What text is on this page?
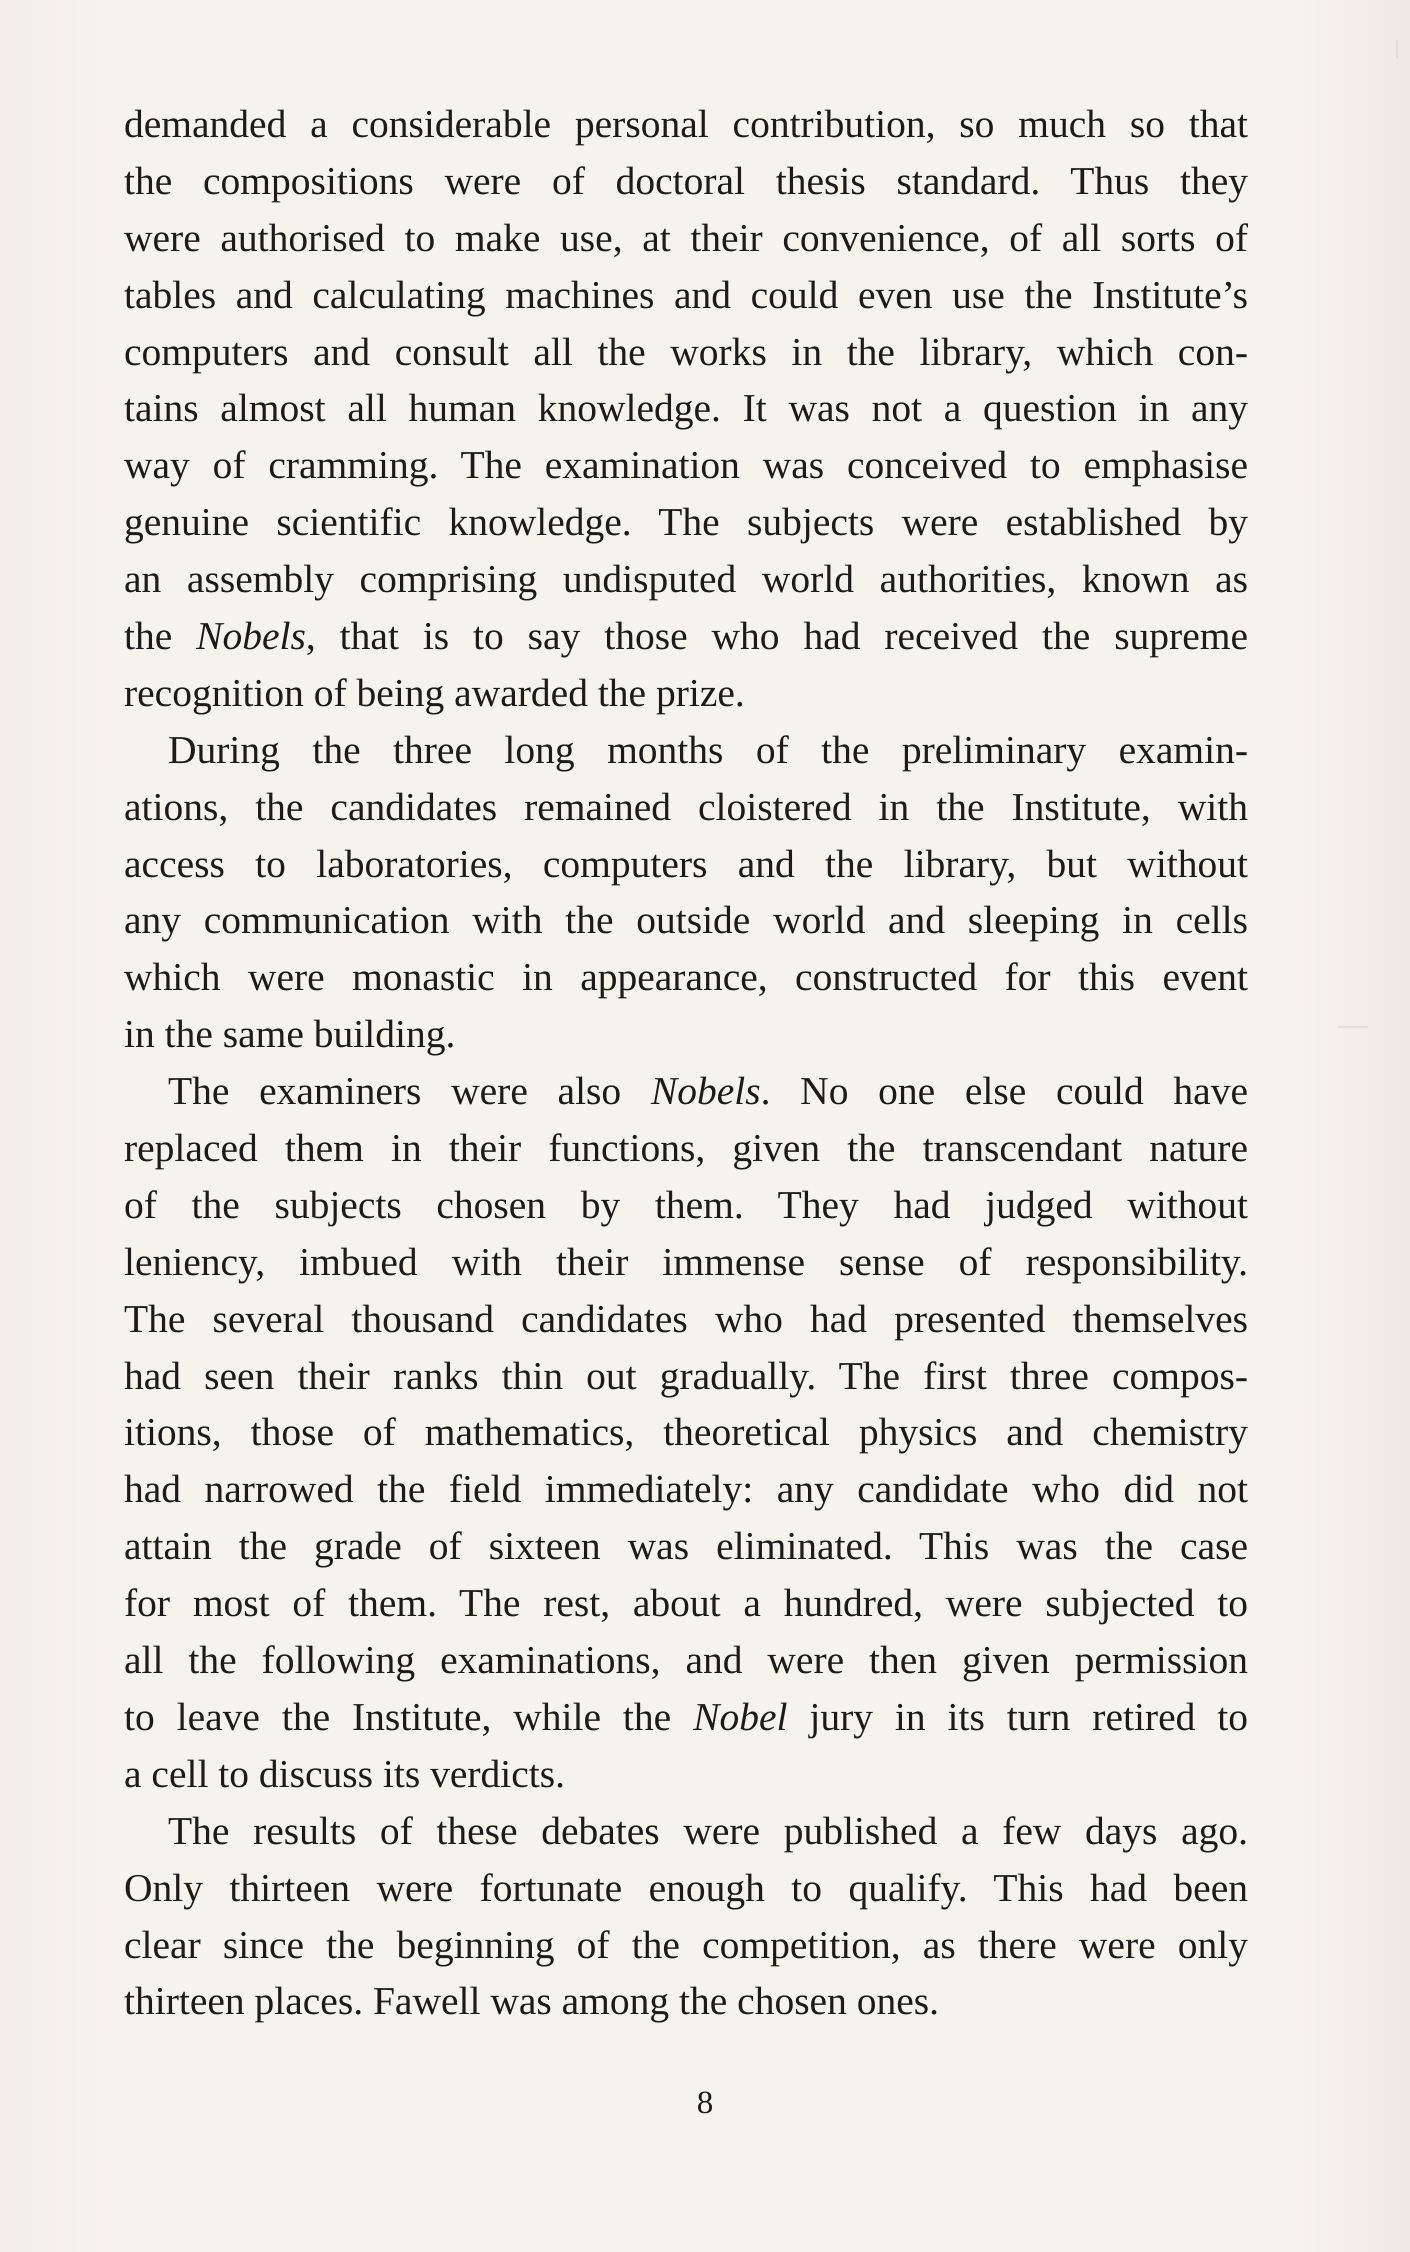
demanded a considerable personal contribution, so much so that
the compositions were of doctoral thesis standard. Thus they
were authorised to make use, at their convenience, of all sorts of
tables and calculating machines and could even use the Institute’s
computers and consult all the works in the library, which con-
tains almost all human knowledge. It was not a question in any
way of cramming. The examination was conceived to emphasise
genuine scientific knowledge. The subjects were established by
an assembly comprising undisputed world authorities, known as
the Nobels, that is to say those who had received the supreme
recognition of being awarded the prize.
During the three long months of the preliminary examin-
ations, the candidates remained cloistered in the Institute, with
access to laboratories, computers and the library, but without
any communication with the outside world and sleeping in cells
which were monastic in appearance, constructed for this event
in the same building.
The examiners were also Nobels. No one else could have
replaced them in their functions, given the transcendant nature
of the subjects chosen by them. They had judged without
leniency, imbued with their immense sense of responsibility.
The several thousand candidates who had presented themselves
had seen their ranks thin out gradually. The first three compos-
itions, those of mathematics, theoretical physics and chemistry
had narrowed the field immediately: any candidate who did not
attain the grade of sixteen was eliminated. This was the case
for most of them. The rest, about a hundred, were subjected to
all the following examinations, and were then given permission
to leave the Institute, while the Nobel jury in its turn retired to
a cell to discuss its verdicts.
The results of these debates were published a few days ago.
Only thirteen were fortunate enough to qualify. This had been
clear since the beginning of the competition, as there were only
thirteen places. Fawell was among the chosen ones.
8
